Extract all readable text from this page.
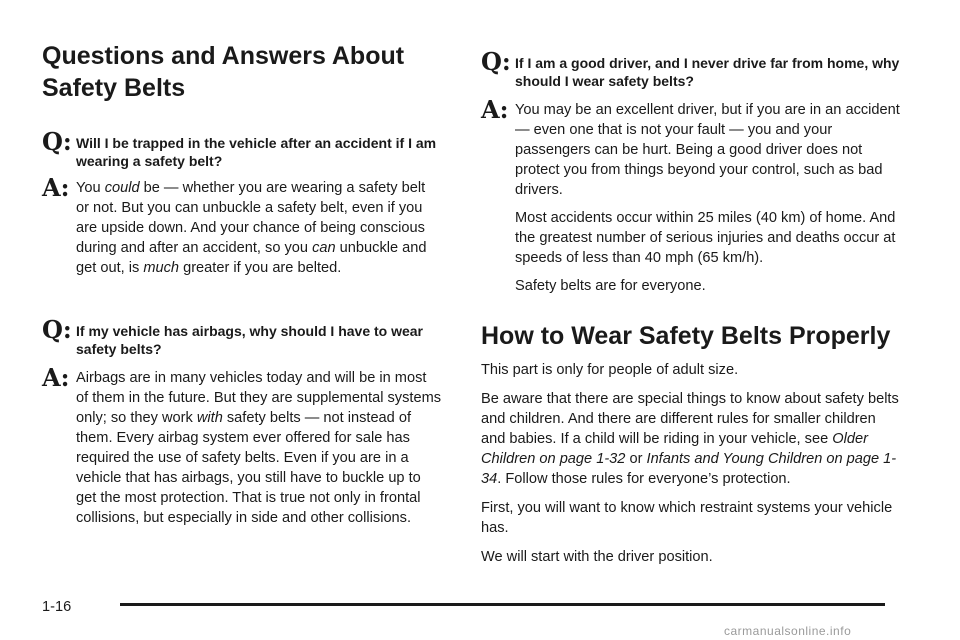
Questions and Answers About
Safety Belts
Q: Will I be trapped in the vehicle after an accident if I am wearing a safety belt?
A: You could be — whether you are wearing a safety belt or not. But you can unbuckle a safety belt, even if you are upside down. And your chance of being conscious during and after an accident, so you can unbuckle and get out, is much greater if you are belted.

Q: If my vehicle has airbags, why should I have to wear safety belts?
A: Airbags are in many vehicles today and will be in most of them in the future. But they are supplemental systems only; so they work with safety belts — not instead of them. Every airbag system ever offered for sale has required the use of safety belts. Even if you are in a vehicle that has airbags, you still have to buckle up to get the most protection. That is true not only in frontal collisions, but especially in side and other collisions.

Q: If I am a good driver, and I never drive far from home, why should I wear safety belts?
A: You may be an excellent driver, but if you are in an accident — even one that is not your fault — you and your passengers can be hurt. Being a good driver does not protect you from things beyond your control, such as bad drivers.

Most accidents occur within 25 miles (40 km) of home. And the greatest number of serious injuries and deaths occur at speeds of less than 40 mph (65 km/h).

Safety belts are for everyone.

How to Wear Safety Belts Properly

This part is only for people of adult size.

Be aware that there are special things to know about safety belts and children. And there are different rules for smaller children and babies. If a child will be riding in your vehicle, see Older Children on page 1-32 or Infants and Young Children on page 1-34. Follow those rules for everyone’s protection.

First, you will want to know which restraint systems your vehicle has.

We will start with the driver position.

1-16
carmanualsonline.info
